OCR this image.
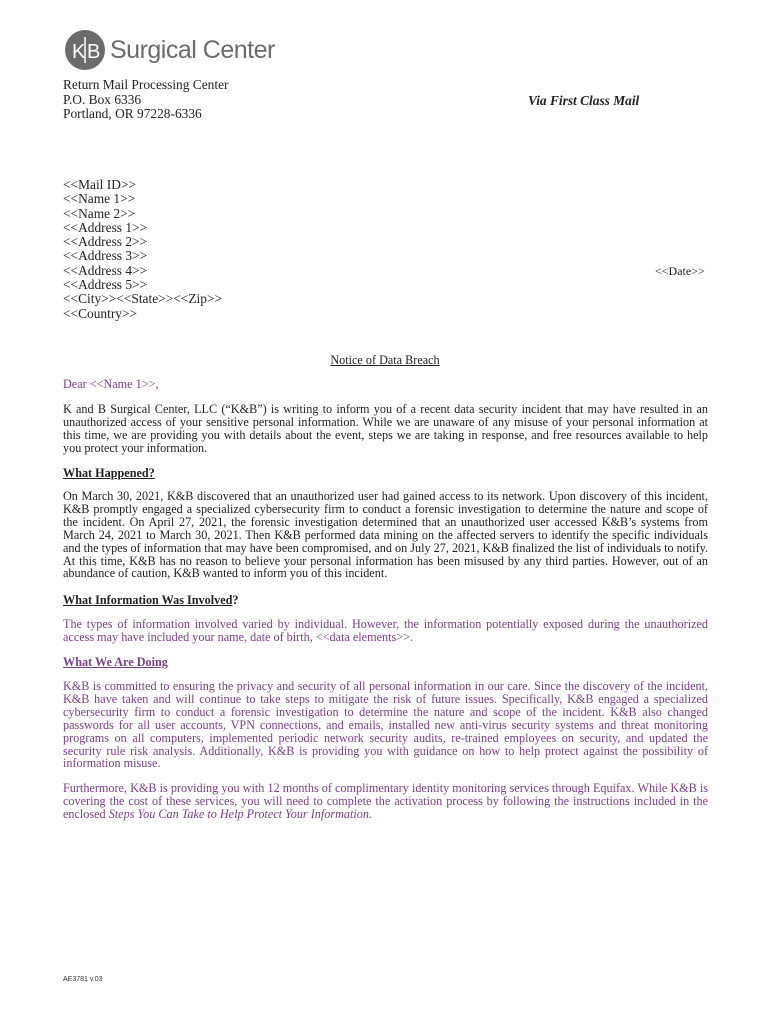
K B Surgical Center
Return Mail Processing Center
P.O. Box 6336
Portland, OR 97228-6336
Via First Class Mail
<<Mail ID>>
<<Name 1>>
<<Name 2>>
<<Address 1>>
<<Address 2>>
<<Address 3>>
<<Address 4>>
<<Address 5>>
<<City>><<State>><<Zip>>
<<Country>>
<<Date>>
Notice of Data Breach
Dear <<Name 1>>,
K and B Surgical Center, LLC (“K&B”) is writing to inform you of a recent data security incident that may have resulted in an unauthorized access of your sensitive personal information. While we are unaware of any misuse of your personal information at this time, we are providing you with details about the event, steps we are taking in response, and free resources available to help you protect your information.
What Happened?
On March 30, 2021, K&B discovered that an unauthorized user had gained access to its network. Upon discovery of this incident, K&B promptly engaged a specialized cybersecurity firm to conduct a forensic investigation to determine the nature and scope of the incident. On April 27, 2021, the forensic investigation determined that an unauthorized user accessed K&B’s systems from March 24, 2021 to March 30, 2021. Then K&B performed data mining on the affected servers to identify the specific individuals and the types of information that may have been compromised, and on July 27, 2021, K&B finalized the list of individuals to notify. At this time, K&B has no reason to believe your personal information has been misused by any third parties. However, out of an abundance of caution, K&B wanted to inform you of this incident.
What Information Was Involved?
The types of information involved varied by individual. However, the information potentially exposed during the unauthorized access may have included your name, date of birth, <<data elements>>.
What We Are Doing
K&B is committed to ensuring the privacy and security of all personal information in our care. Since the discovery of the incident, K&B have taken and will continue to take steps to mitigate the risk of future issues. Specifically, K&B engaged a specialized cybersecurity firm to conduct a forensic investigation to determine the nature and scope of the incident. K&B also changed passwords for all user accounts, VPN connections, and emails, installed new anti-virus security systems and threat monitoring programs on all computers, implemented periodic network security audits, re-trained employees on security, and updated the security rule risk analysis. Additionally, K&B is providing you with guidance on how to help protect against the possibility of information misuse.
Furthermore, K&B is providing you with 12 months of complimentary identity monitoring services through Equifax. While K&B is covering the cost of these services, you will need to complete the activation process by following the instructions included in the enclosed Steps You Can Take to Help Protect Your Information.
AE3781 v.03
